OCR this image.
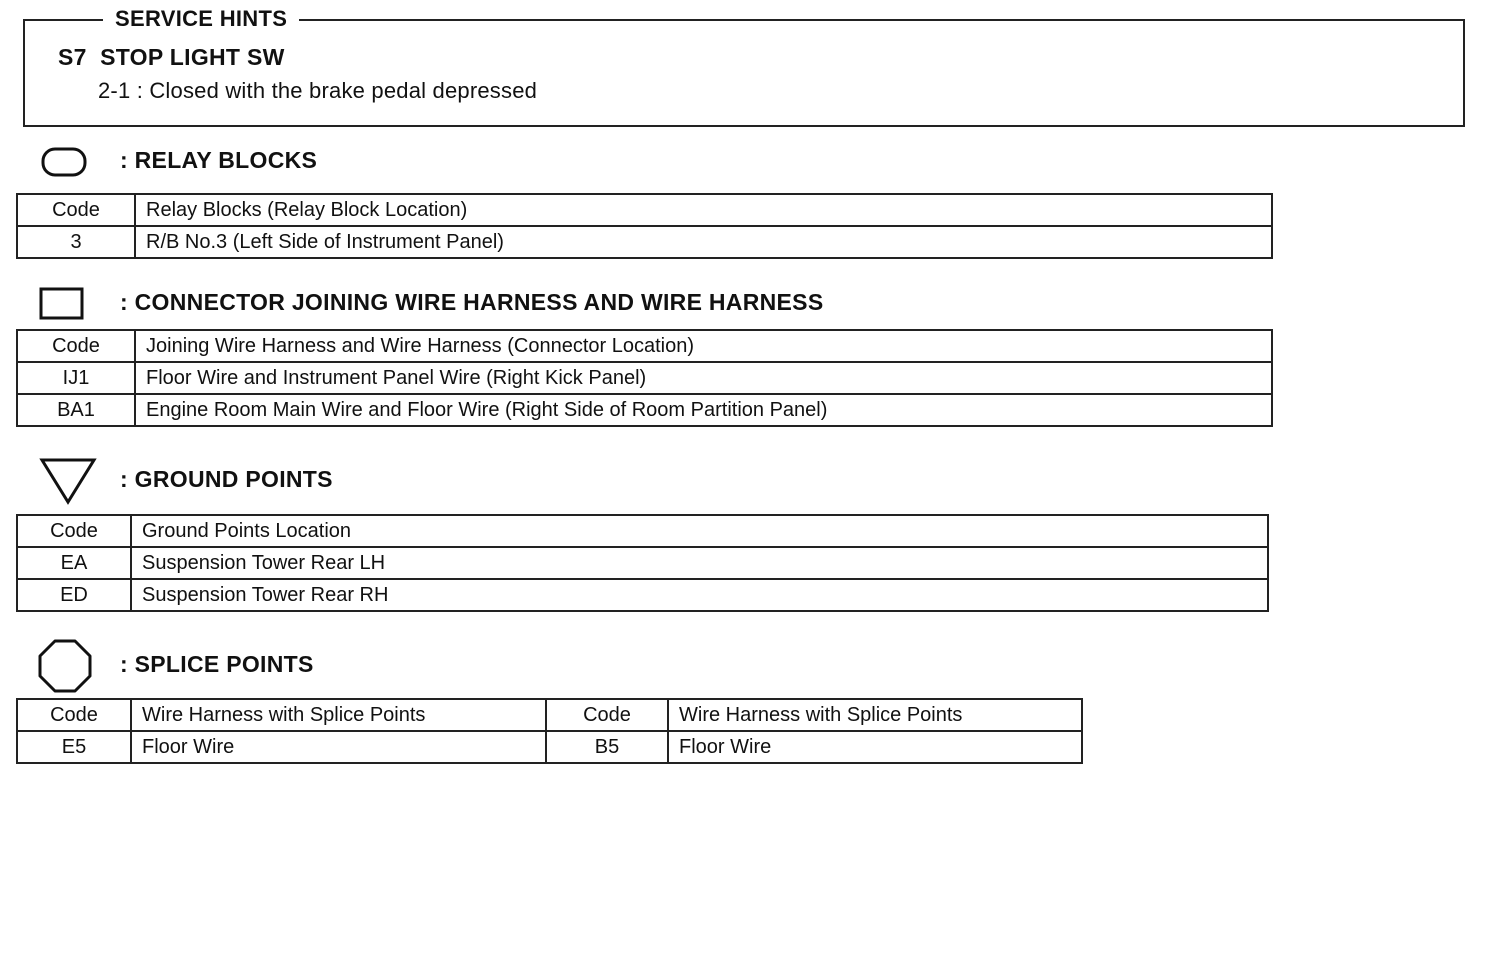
SERVICE HINTS
S7  STOP LIGHT SW
2-1 : Closed with the brake pedal depressed
: RELAY BLOCKS
Code	Relay Blocks (Relay Block Location)
3	R/B No.3 (Left Side of Instrument Panel)
: CONNECTOR JOINING WIRE HARNESS AND WIRE HARNESS
Code	Joining Wire Harness and Wire Harness (Connector Location)
IJ1	Floor Wire and Instrument Panel Wire (Right Kick Panel)
BA1	Engine Room Main Wire and Floor Wire (Right Side of Room Partition Panel)
: GROUND POINTS
Code	Ground Points Location
EA	Suspension Tower Rear LH
ED	Suspension Tower Rear RH
: SPLICE POINTS
Code	Wire Harness with Splice Points	Code	Wire Harness with Splice Points
E5	Floor Wire	B5	Floor Wire
